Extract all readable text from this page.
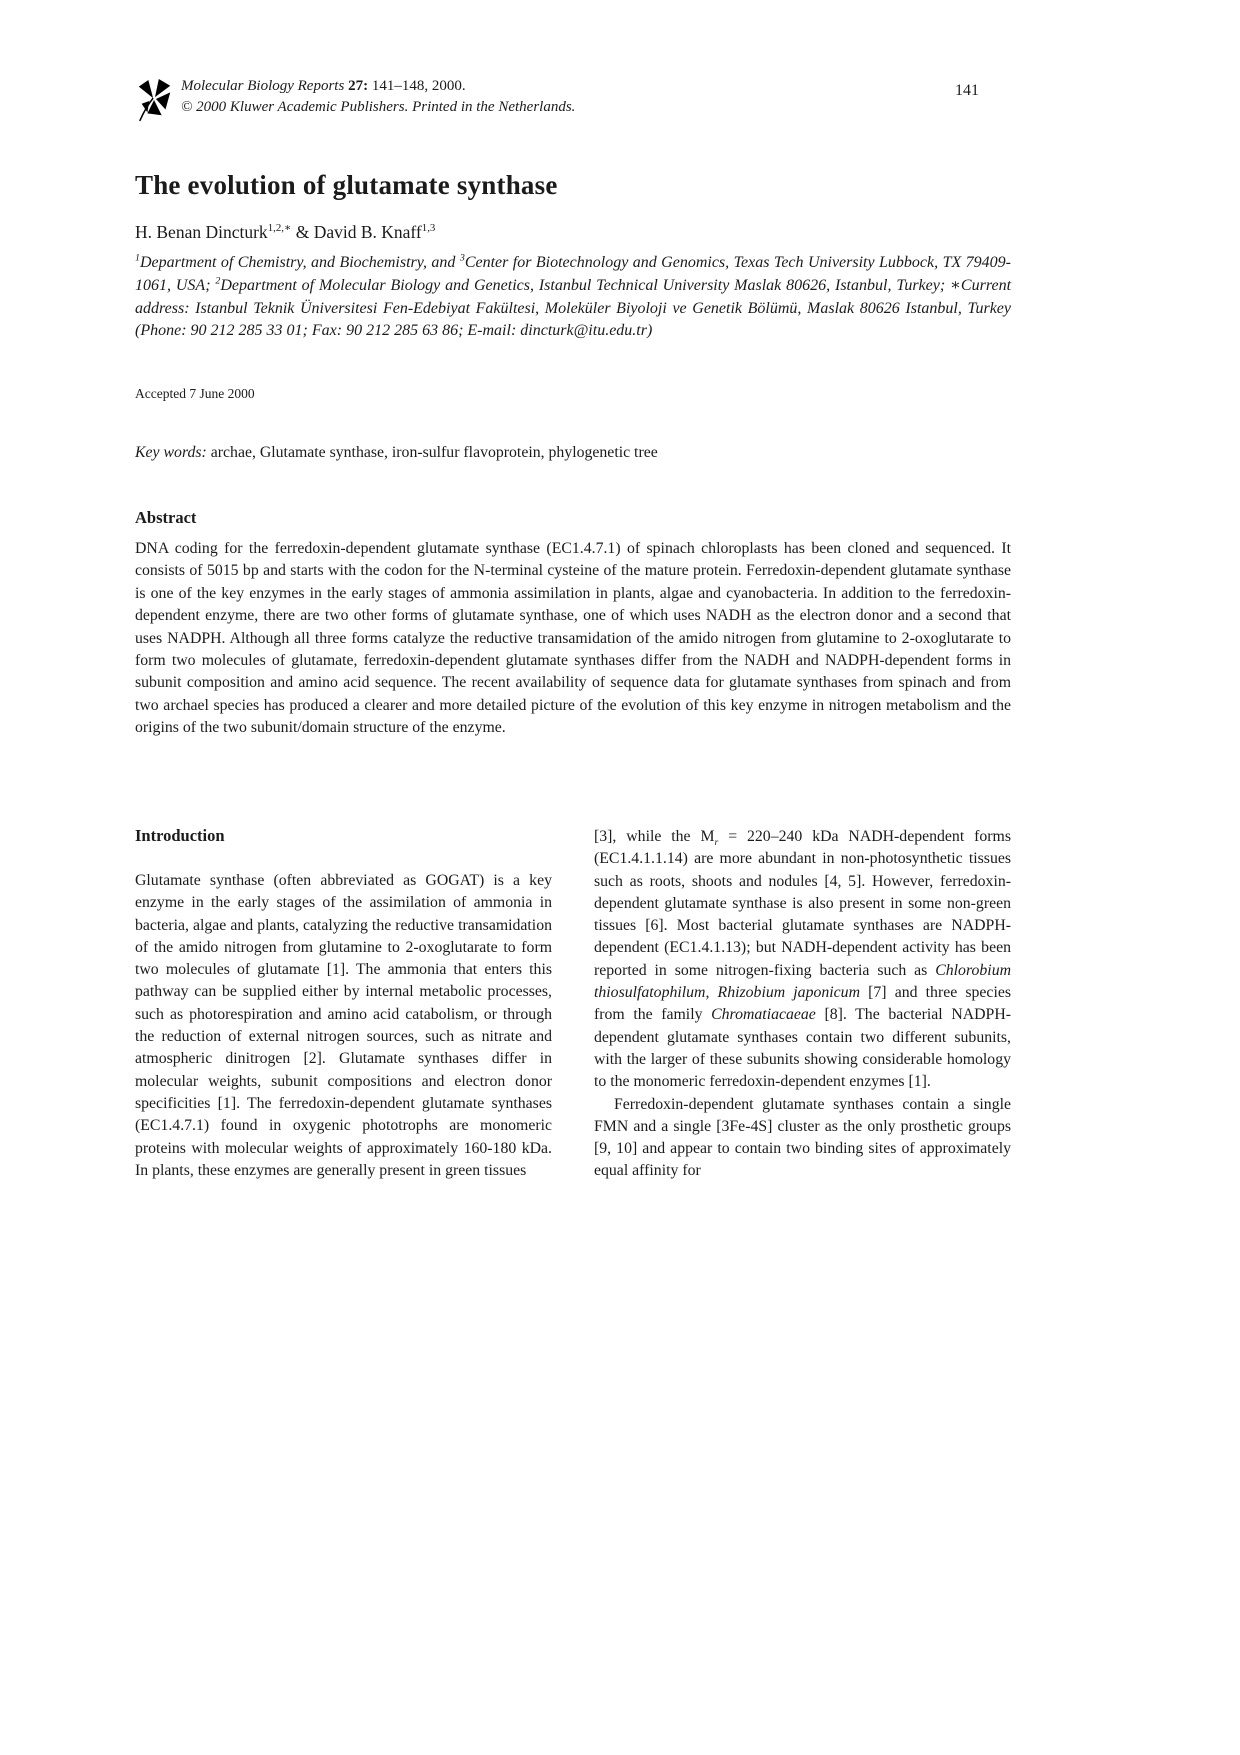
Molecular Biology Reports 27: 141–148, 2000.
© 2000 Kluwer Academic Publishers. Printed in the Netherlands.
141
The evolution of glutamate synthase
H. Benan Dincturk$^{1,2,∗}$ & David B. Knaff$^{1,3}$
$^1$Department of Chemistry, and Biochemistry, and $^3$Center for Biotechnology and Genomics, Texas Tech University Lubbock, TX 79409-1061, USA; $^2$Department of Molecular Biology and Genetics, Istanbul Technical University Maslak 80626, Istanbul, Turkey; ∗Current address: Istanbul Teknik Üniversitesi Fen-Edebiyat Fakültesi, Moleküler Biyoloji ve Genetik Bölümü, Maslak 80626 Istanbul, Turkey (Phone: 90 212 285 33 01; Fax: 90 212 285 63 86; E-mail: dincturk@itu.edu.tr)
Accepted 7 June 2000
Key words: archae, Glutamate synthase, iron-sulfur flavoprotein, phylogenetic tree
Abstract
DNA coding for the ferredoxin-dependent glutamate synthase (EC1.4.7.1) of spinach chloroplasts has been cloned and sequenced. It consists of 5015 bp and starts with the codon for the N-terminal cysteine of the mature protein. Ferredoxin-dependent glutamate synthase is one of the key enzymes in the early stages of ammonia assimilation in plants, algae and cyanobacteria. In addition to the ferredoxin-dependent enzyme, there are two other forms of glutamate synthase, one of which uses NADH as the electron donor and a second that uses NADPH. Although all three forms catalyze the reductive transamidation of the amido nitrogen from glutamine to 2-oxoglutarate to form two molecules of glutamate, ferredoxin-dependent glutamate synthases differ from the NADH and NADPH-dependent forms in subunit composition and amino acid sequence. The recent availability of sequence data for glutamate synthases from spinach and from two archael species has produced a clearer and more detailed picture of the evolution of this key enzyme in nitrogen metabolism and the origins of the two subunit/domain structure of the enzyme.
Introduction

Glutamate synthase (often abbreviated as GOGAT) is a key enzyme in the early stages of the assimilation of ammonia in bacteria, algae and plants, catalyzing the reductive transamidation of the amido nitrogen from glutamine to 2-oxoglutarate to form two molecules of glutamate [1]. The ammonia that enters this pathway can be supplied either by internal metabolic processes, such as photorespiration and amino acid catabolism, or through the reduction of external nitrogen sources, such as nitrate and atmospheric dinitrogen [2]. Glutamate synthases differ in molecular weights, subunit compositions and electron donor specificities [1]. The ferredoxin-dependent glutamate synthases (EC1.4.7.1) found in oxygenic phototrophs are monomeric proteins with molecular weights of approximately 160-180 kDa. In plants, these enzymes are generally present in green tissues

[3], while the $M_r = 220-240$ kDa NADH-dependent forms (EC1.4.1.1.14) are more abundant in non-photosynthetic tissues such as roots, shoots and nodules [4, 5]. However, ferredoxin-dependent glutamate synthase is also present in some non-green tissues [6]. Most bacterial glutamate synthases are NADPH-dependent (EC1.4.1.13); but NADH-dependent activity has been reported in some nitrogen-fixing bacteria such as Chlorobium thiosulfatophilum, Rhizobium japonicum [7] and three species from the family Chromatiacaeae [8]. The bacterial NADPH-dependent glutamate synthases contain two different subunits, with the larger of these subunits showing considerable homology to the monomeric ferredoxin-dependent enzymes [1].

Ferredoxin-dependent glutamate synthases contain a single FMN and a single [3Fe-4S] cluster as the only prosthetic groups [9, 10] and appear to contain two binding sites of approximately equal affinity for
